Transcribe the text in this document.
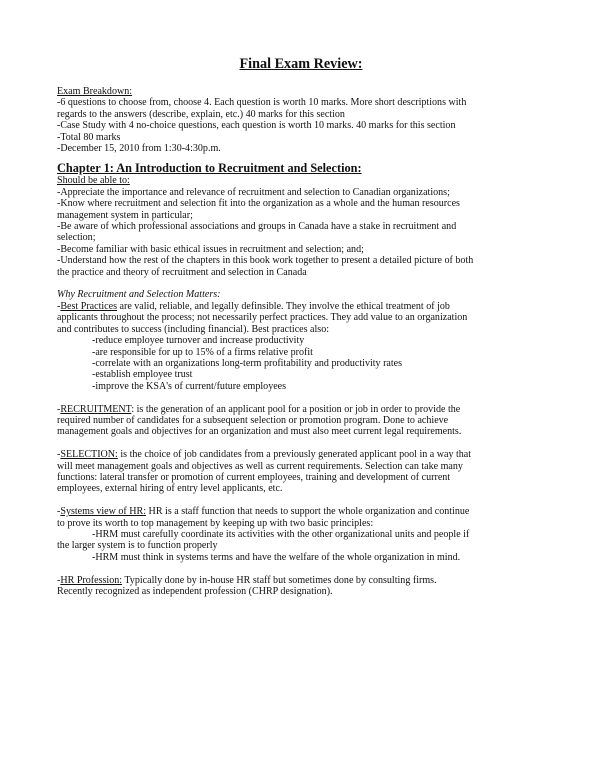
Final Exam Review:
Exam Breakdown:
-6 questions to choose from, choose 4. Each question is worth 10 marks. More short descriptions with
regards to the answers (describe, explain, etc.) 40 marks for this section
-Case Study with 4 no-choice questions, each question is worth 10 marks. 40 marks for this section
-Total 80 marks
-December 15, 2010 from 1:30-4:30p.m.
Chapter 1: An Introduction to Recruitment and Selection:
Should be able to:
-Appreciate the importance and relevance of recruitment and selection to Canadian organizations;
-Know where recruitment and selection fit into the organization as a whole and the human resources
management system in particular;
-Be aware of which professional associations and groups in Canada have a stake in recruitment and
selection;
-Become familiar with basic ethical issues in recruitment and selection; and;
-Understand how the rest of the chapters in this book work together to present a detailed picture of both
the practice and theory of recruitment and selection in Canada
Why Recruitment and Selection Matters:
-Best Practices are valid, reliable, and legally definsible. They involve the ethical treatment of job
applicants throughout the process; not necessarily perfect practices. They add value to an organization
and contributes to success (including financial). Best practices also:
-reduce employee turnover and increase productivity
-are responsible for up to 15% of a firms relative profit
-correlate with an organizations long-term profitability and productivity rates
-establish employee trust
-improve the KSA's of current/future employees
-RECRUITMENT: is the generation of an applicant pool for a position or job in order to provide the
required number of candidates for a subsequent selection or promotion program. Done to achieve
management goals and objectives for an organization and must also meet current legal requirements.
-SELECTION: is the choice of job candidates from a previously generated applicant pool in a way that
will meet management goals and objectives as well as current requirements. Selection can take many
functions: lateral transfer or promotion of current employees, training and development of current
employees, external hiring of entry level applicants, etc.
-Systems view of HR: HR is a staff function that needs to support the whole organization and continue
to prove its worth to top management by keeping up with two basic principles:
-HRM must carefully coordinate its activities with the other organizational units and people if
the larger system is to function properly
-HRM must think in systems terms and have the welfare of the whole organization in mind.
-HR Profession: Typically done by in-house HR staff but sometimes done by consulting firms.
Recently recognized as independent profession (CHRP designation).
